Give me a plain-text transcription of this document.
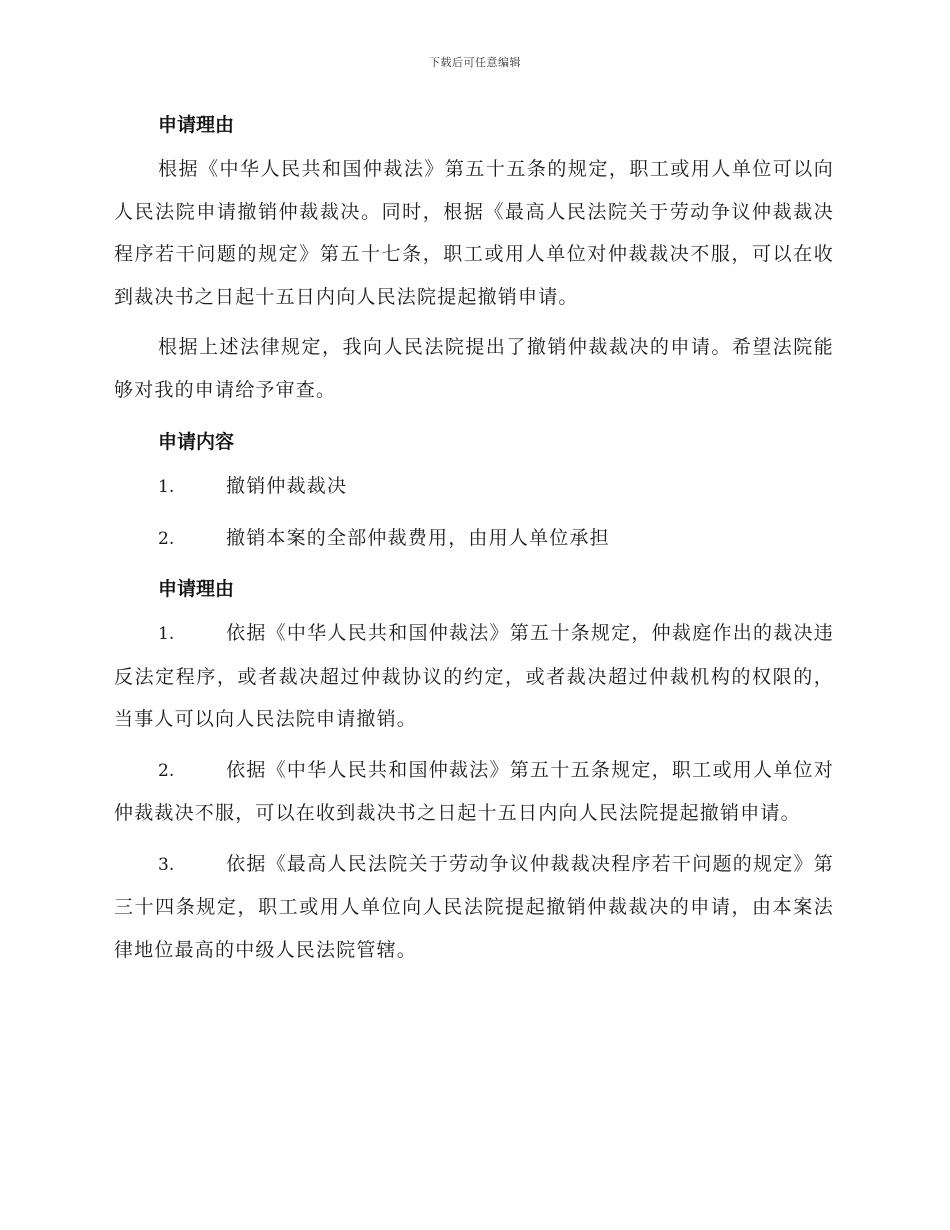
下载后可任意编辑
申请理由

根据《中华人民共和国仲裁法》第五十五条的规定，职工或用人单位可以向人民法院申请撤销仲裁裁决。同时，根据《最高人民法院关于劳动争议仲裁裁决程序若干问题的规定》第五十七条，职工或用人单位对仲裁裁决不服，可以在收到裁决书之日起十五日内向人民法院提起撤销申请。

根据上述法律规定，我向人民法院提出了撤销仲裁裁决的申请。希望法院能够对我的申请给予审查。

申请内容

1.	撤销仲裁裁决

2.	撤销本案的全部仲裁费用，由用人单位承担

申请理由

1.	依据《中华人民共和国仲裁法》第五十条规定，仲裁庭作出的裁决违反法定程序，或者裁决超过仲裁协议的约定，或者裁决超过仲裁机构的权限的，当事人可以向人民法院申请撤销。

2.	依据《中华人民共和国仲裁法》第五十五条规定，职工或用人单位对仲裁裁决不服，可以在收到裁决书之日起十五日内向人民法院提起撤销申请。

3.	依据《最高人民法院关于劳动争议仲裁裁决程序若干问题的规定》第三十四条规定，职工或用人单位向人民法院提起撤销仲裁裁决的申请，由本案法律地位最高的中级人民法院管辖。
